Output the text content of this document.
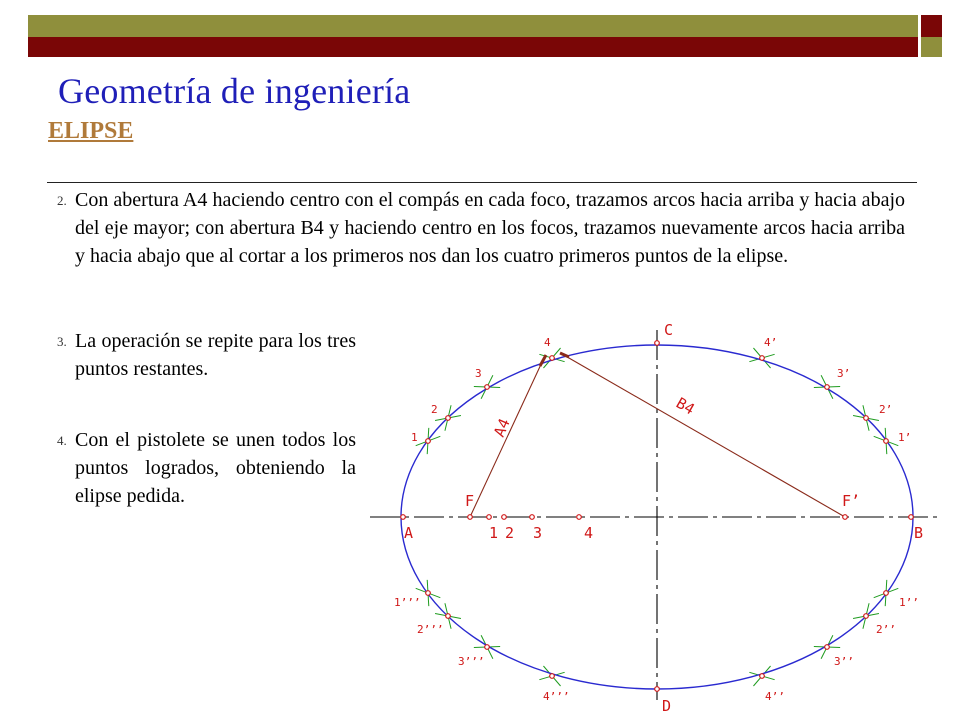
Geometría de ingeniería
ELIPSE

2. Con abertura A4 haciendo centro con el compás en cada foco, trazamos arcos hacia arriba y hacia abajo del eje mayor; con abertura B4 y haciendo centro en los focos, trazamos nuevamente arcos hacia arriba y hacia abajo que al cortar a los primeros nos dan los cuatro primeros puntos de la elipse.

3. La operación se repite para los tres puntos restantes.

4. Con el pistolete se unen todos los puntos logrados, obteniendo la elipse pedida.

C
D
A	B
F	F’
1 2 3	4
A4
B4
1
2
3
4
1’
2’
3’
4’
1’’
2’’
3’’
4’’
1’’’
2’’’
3’’’
4’’’
